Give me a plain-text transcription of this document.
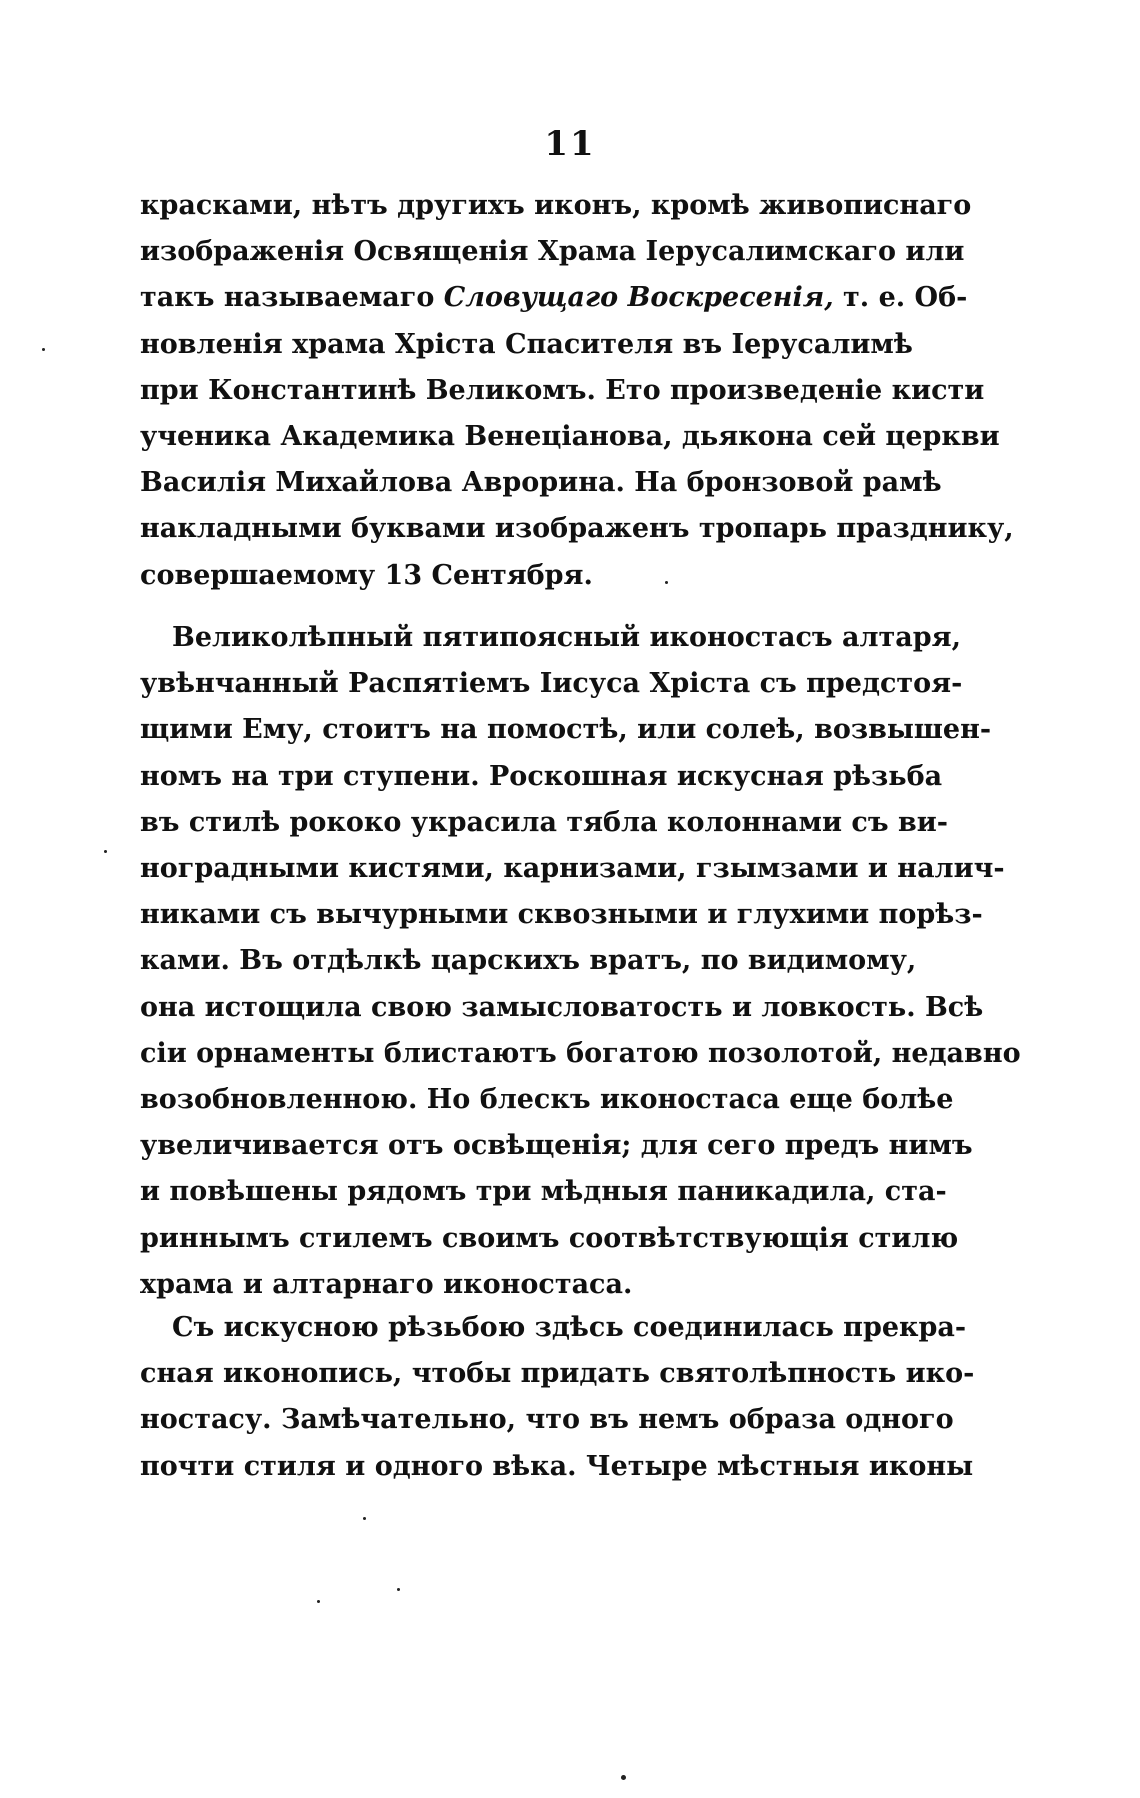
11
красками, нѣтъ другихъ иконъ, кромѣ живописнаго
изображенія Освященія Храма Іерусалимскаго или
такъ называемаго Словущаго Воскресенія, т. е. Об-
новленія храма Хріста Спасителя въ Іерусалимѣ
при Константинѣ Великомъ. Ето произведеніе кисти
ученика Академика Венеціанова, дьякона сей церкви
Василія Михайлова Аврорина. На бронзовой рамѣ
накладными буквами изображенъ тропарь празднику,
совершаемому 13 Сентября.
Великолѣпный пятипоясный иконостасъ алтаря,
увѣнчанный Распятіемъ Іисуса Хріста съ предстоя-
щими Ему, стоитъ на помостѣ, или солеѣ, возвышен-
номъ на три ступени. Роскошная искусная рѣзьба
въ стилѣ рококо украсила тябла колоннами съ ви-
ноградными кистями, карнизами, гзымзами и налич-
никами съ вычурными сквозными и глухими порѣз-
ками. Въ отдѣлкѣ царскихъ вратъ, по видимому,
она истощила свою замысловатость и ловкость. Всѣ
сіи орнаменты блистаютъ богатою позолотой, недавно
возобновленною. Но блескъ иконостаса еще болѣе
увеличивается отъ освѣщенія; для сего предъ нимъ
и повѣшены рядомъ три мѣдныя паникадила, ста-
риннымъ стилемъ своимъ соотвѣтствующія стилю
храма и алтарнаго иконостаса.
Съ искусною рѣзьбою здѣсь соединилась прекра-
сная иконопись, чтобы придать святолѣпность ико-
ностасу. Замѣчательно, что въ немъ образа одного
почти стиля и одного вѣка. Четыре мѣстныя иконы
